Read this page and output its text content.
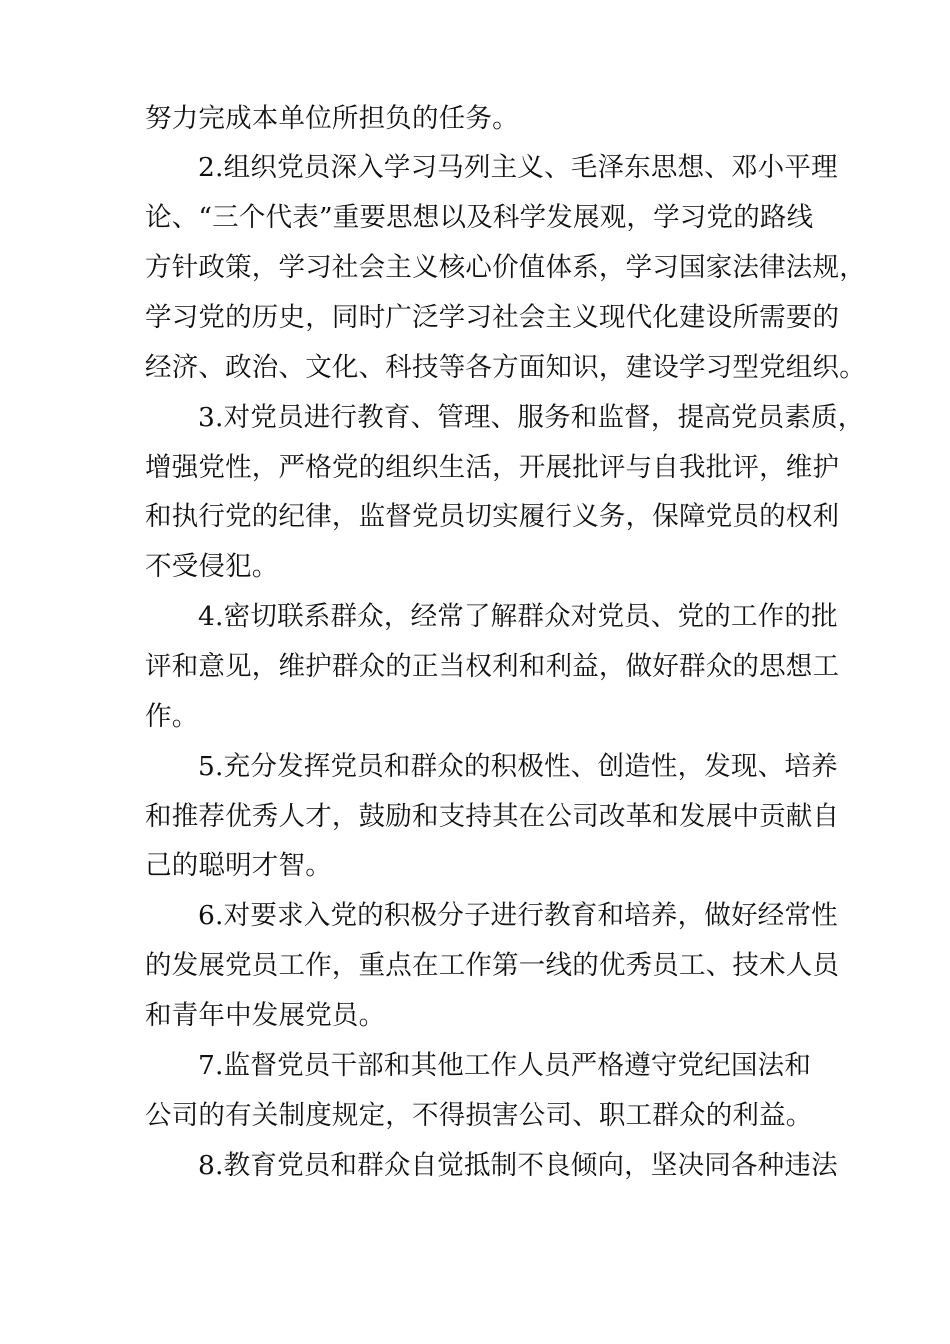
努力完成本单位所担负的任务。
2.组织党员深入学习马列主义、毛泽东思想、邓小平理
论、“三个代表”重要思想以及科学发展观，学习党的路线
方针政策，学习社会主义核心价值体系，学习国家法律法规，
学习党的历史，同时广泛学习社会主义现代化建设所需要的
经济、政治、文化、科技等各方面知识，建设学习型党组织。
3.对党员进行教育、管理、服务和监督，提高党员素质，
增强党性，严格党的组织生活，开展批评与自我批评，维护
和执行党的纪律，监督党员切实履行义务，保障党员的权利
不受侵犯。
4.密切联系群众，经常了解群众对党员、党的工作的批
评和意见，维护群众的正当权利和利益，做好群众的思想工
作。
5.充分发挥党员和群众的积极性、创造性，发现、培养
和推荐优秀人才，鼓励和支持其在公司改革和发展中贡献自
己的聪明才智。
6.对要求入党的积极分子进行教育和培养，做好经常性
的发展党员工作，重点在工作第一线的优秀员工、技术人员
和青年中发展党员。
7.监督党员干部和其他工作人员严格遵守党纪国法和
公司的有关制度规定，不得损害公司、职工群众的利益。
8.教育党员和群众自觉抵制不良倾向，坚决同各种违法
